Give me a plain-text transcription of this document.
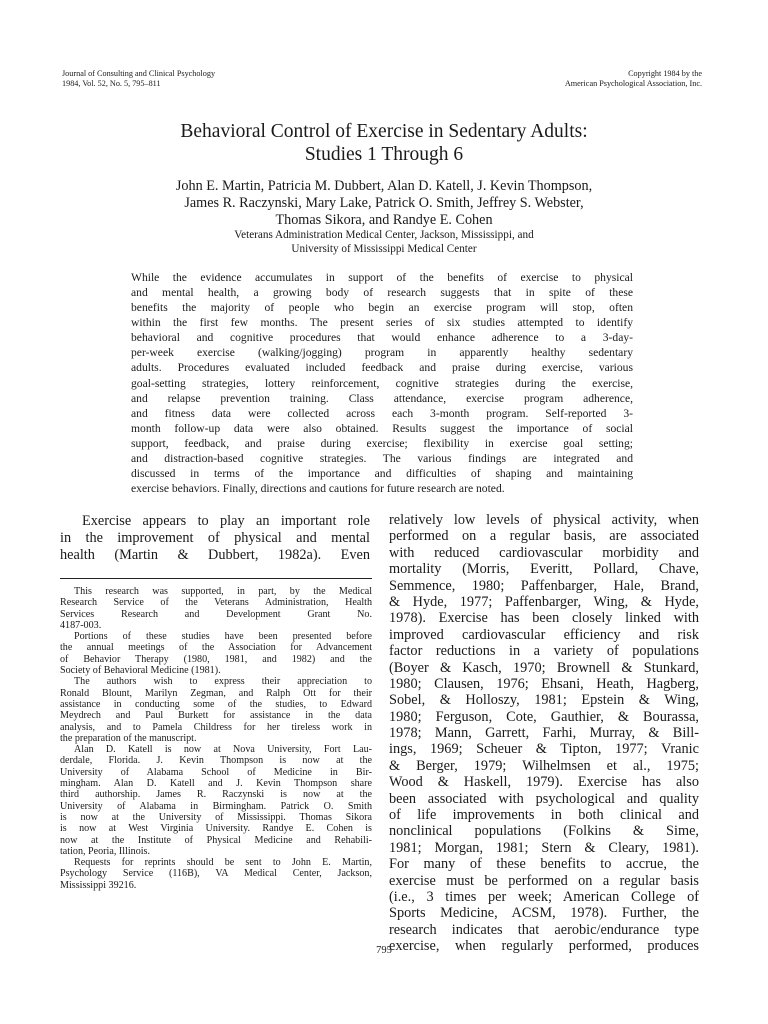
Journal of Consulting and Clinical Psychology
1984, Vol. 52, No. 5, 795–811
Copyright 1984 by the
American Psychological Association, Inc.
Behavioral Control of Exercise in Sedentary Adults:
Studies 1 Through 6
John E. Martin, Patricia M. Dubbert, Alan D. Katell, J. Kevin Thompson,
James R. Raczynski, Mary Lake, Patrick O. Smith, Jeffrey S. Webster,
Thomas Sikora, and Randye E. Cohen
Veterans Administration Medical Center, Jackson, Mississippi, and
University of Mississippi Medical Center
While the evidence accumulates in support of the benefits of exercise to physical
and mental health, a growing body of research suggests that in spite of these
benefits the majority of people who begin an exercise program will stop, often
within the first few months. The present series of six studies attempted to identify
behavioral and cognitive procedures that would enhance adherence to a 3-day-
per-week exercise (walking/jogging) program in apparently healthy sedentary
adults. Procedures evaluated included feedback and praise during exercise, various
goal-setting strategies, lottery reinforcement, cognitive strategies during the exercise,
and relapse prevention training. Class attendance, exercise program adherence,
and fitness data were collected across each 3-month program. Self-reported 3-
month follow-up data were also obtained. Results suggest the importance of social
support, feedback, and praise during exercise; flexibility in exercise goal setting;
and distraction-based cognitive strategies. The various findings are integrated and
discussed in terms of the importance and difficulties of shaping and maintaining
exercise behaviors. Finally, directions and cautions for future research are noted.
Exercise appears to play an important role
in the improvement of physical and mental
health (Martin & Dubbert, 1982a). Even
This research was supported, in part, by the Medical
Research Service of the Veterans Administration, Health
Services Research and Development Grant No.
4187-003.
Portions of these studies have been presented before
the annual meetings of the Association for Advancement
of Behavior Therapy (1980, 1981, and 1982) and the
Society of Behavioral Medicine (1981).
The authors wish to express their appreciation to
Ronald Blount, Marilyn Zegman, and Ralph Ott for their
assistance in conducting some of the studies, to Edward
Meydrech and Paul Burkett for assistance in the data
analysis, and to Pamela Childress for her tireless work in
the preparation of the manuscript.
Alan D. Katell is now at Nova University, Fort Lau-
derdale, Florida. J. Kevin Thompson is now at the
University of Alabama School of Medicine in Bir-
mingham. Alan D. Katell and J. Kevin Thompson share
third authorship. James R. Raczynski is now at the
University of Alabama in Birmingham. Patrick O. Smith
is now at the University of Mississippi. Thomas Sikora
is now at West Virginia University. Randye E. Cohen is
now at the Institute of Physical Medicine and Rehabili-
tation, Peoria, Illinois.
Requests for reprints should be sent to John E. Martin,
Psychology Service (116B), VA Medical Center, Jackson,
Mississippi 39216.
relatively low levels of physical activity, when
performed on a regular basis, are associated
with reduced cardiovascular morbidity and
mortality (Morris, Everitt, Pollard, Chave,
Semmence, 1980; Paffenbarger, Hale, Brand,
& Hyde, 1977; Paffenbarger, Wing, & Hyde,
1978). Exercise has been closely linked with
improved cardiovascular efficiency and risk
factor reductions in a variety of populations
(Boyer & Kasch, 1970; Brownell & Stunkard,
1980; Clausen, 1976; Ehsani, Heath, Hagberg,
Sobel, & Holloszy, 1981; Epstein & Wing,
1980; Ferguson, Cote, Gauthier, & Bourassa,
1978; Mann, Garrett, Farhi, Murray, & Bill-
ings, 1969; Scheuer & Tipton, 1977; Vranic
& Berger, 1979; Wilhelmsen et al., 1975;
Wood & Haskell, 1979). Exercise has also
been associated with psychological and quality
of life improvements in both clinical and
nonclinical populations (Folkins & Sime,
1981; Morgan, 1981; Stern & Cleary, 1981).
For many of these benefits to accrue, the
exercise must be performed on a regular basis
(i.e., 3 times per week; American College of
Sports Medicine, ACSM, 1978). Further, the
research indicates that aerobic/endurance type
exercise, when regularly performed, produces
795
